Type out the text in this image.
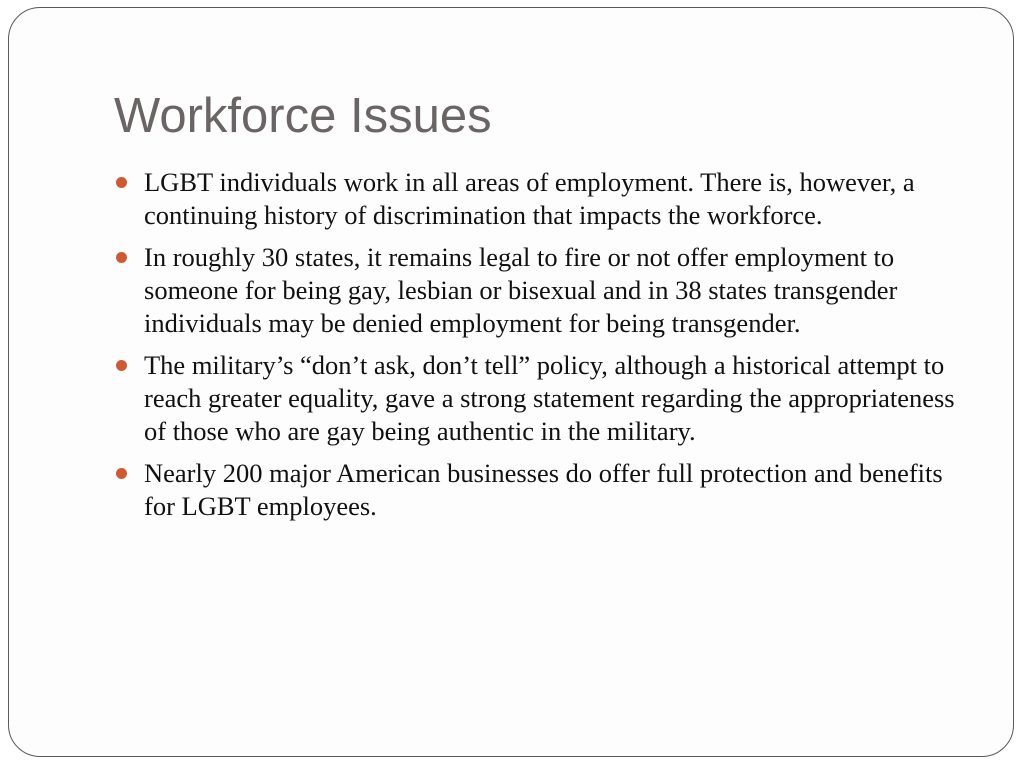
Workforce Issues
LGBT individuals work in all areas of employment. There is, however, a continuing history of discrimination that impacts the workforce.
In roughly 30 states, it remains legal to fire or not offer employment to someone for being gay, lesbian or bisexual and in 38 states transgender individuals may be denied employment for being transgender.
The military’s “don’t ask, don’t tell” policy, although a historical attempt to reach greater equality, gave a strong statement regarding the appropriateness of those who are gay being authentic in the military.
Nearly 200 major American businesses do offer full protection and benefits for LGBT employees.
